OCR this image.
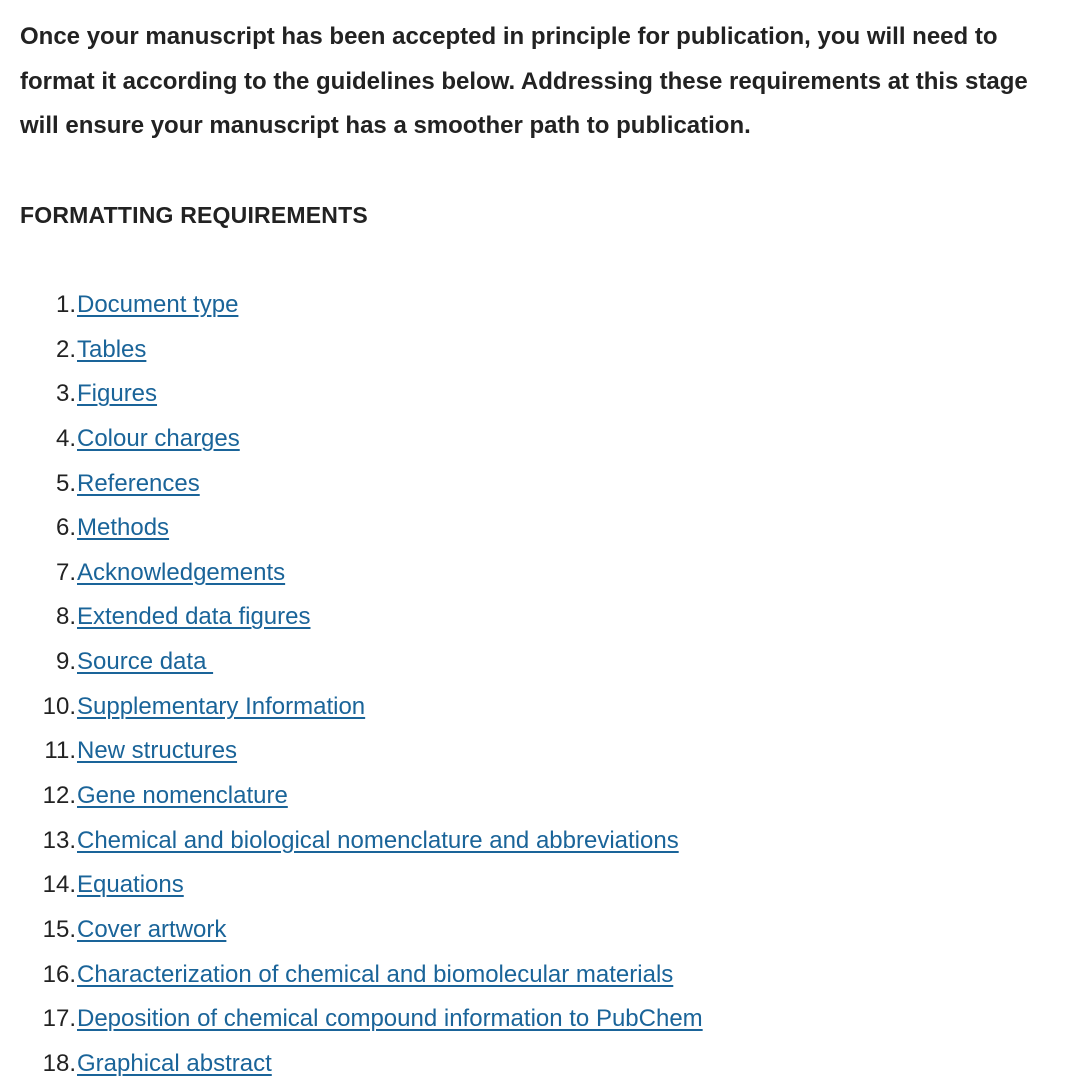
Once your manuscript has been accepted in principle for publication, you will need to format it according to the guidelines below. Addressing these requirements at this stage will ensure your manuscript has a smoother path to publication.

FORMATTING REQUIREMENTS
1. Document type
2. Tables
3. Figures
4. Colour charges
5. References
6. Methods
7. Acknowledgements
8. Extended data figures
9. Source data
10. Supplementary Information
11. New structures
12. Gene nomenclature
13. Chemical and biological nomenclature and abbreviations
14. Equations
15. Cover artwork
16. Characterization of chemical and biomolecular materials
17. Deposition of chemical compound information to PubChem
18. Graphical abstract
